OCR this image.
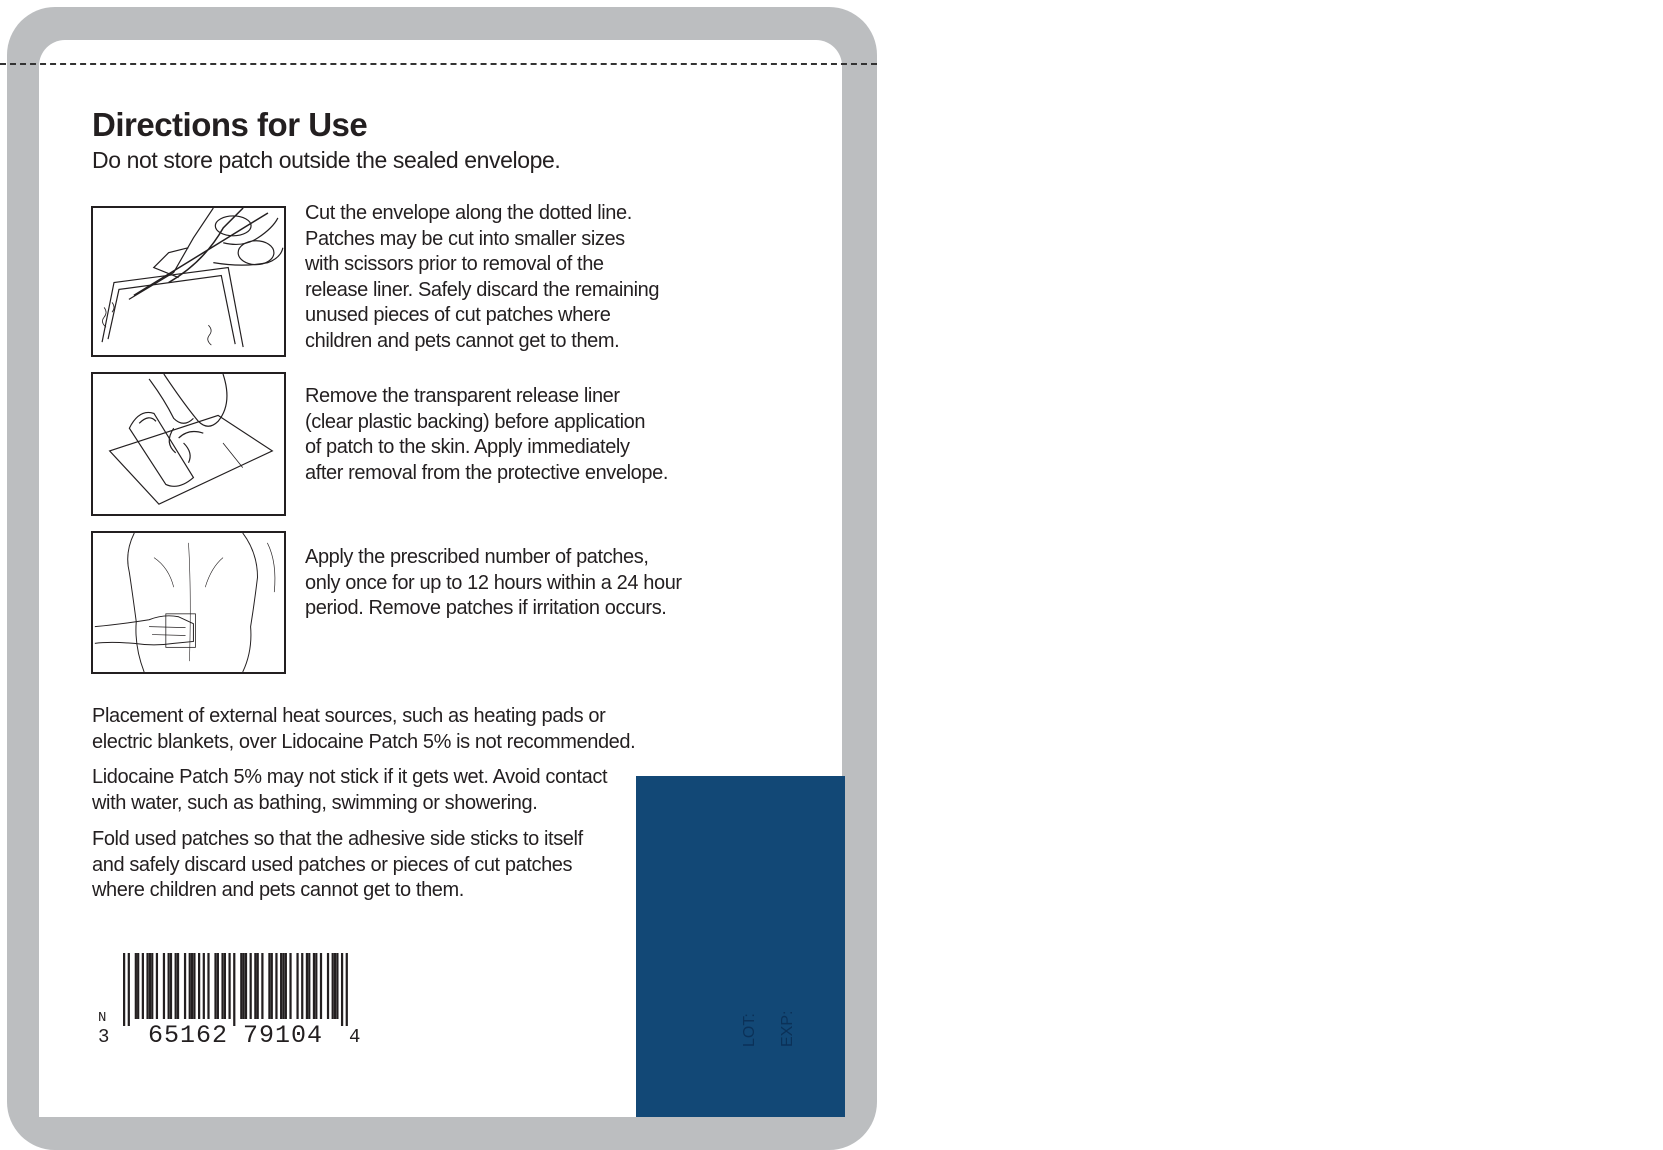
Directions for Use

Do not store patch outside the sealed envelope.

Cut the envelope along the dotted line.
Patches may be cut into smaller sizes
with scissors prior to removal of the
release liner. Safely discard the remaining
unused pieces of cut patches where
children and pets cannot get to them.

Remove the transparent release liner
(clear plastic backing) before application
of patch to the skin. Apply immediately
after removal from the protective envelope.

Apply the prescribed number of patches,
only once for up to 12 hours within a 24 hour
period. Remove patches if irritation occurs.

Placement of external heat sources, such as heating pads or
electric blankets, over Lidocaine Patch 5% is not recommended.

Lidocaine Patch 5% may not stick if it gets wet. Avoid contact
with water, such as bathing, swimming or showering.

Fold used patches so that the adhesive side sticks to itself
and safely discard used patches or pieces of cut patches
where children and pets cannot get to them.

N
3 65162 79104 4	LOT: EXP:
